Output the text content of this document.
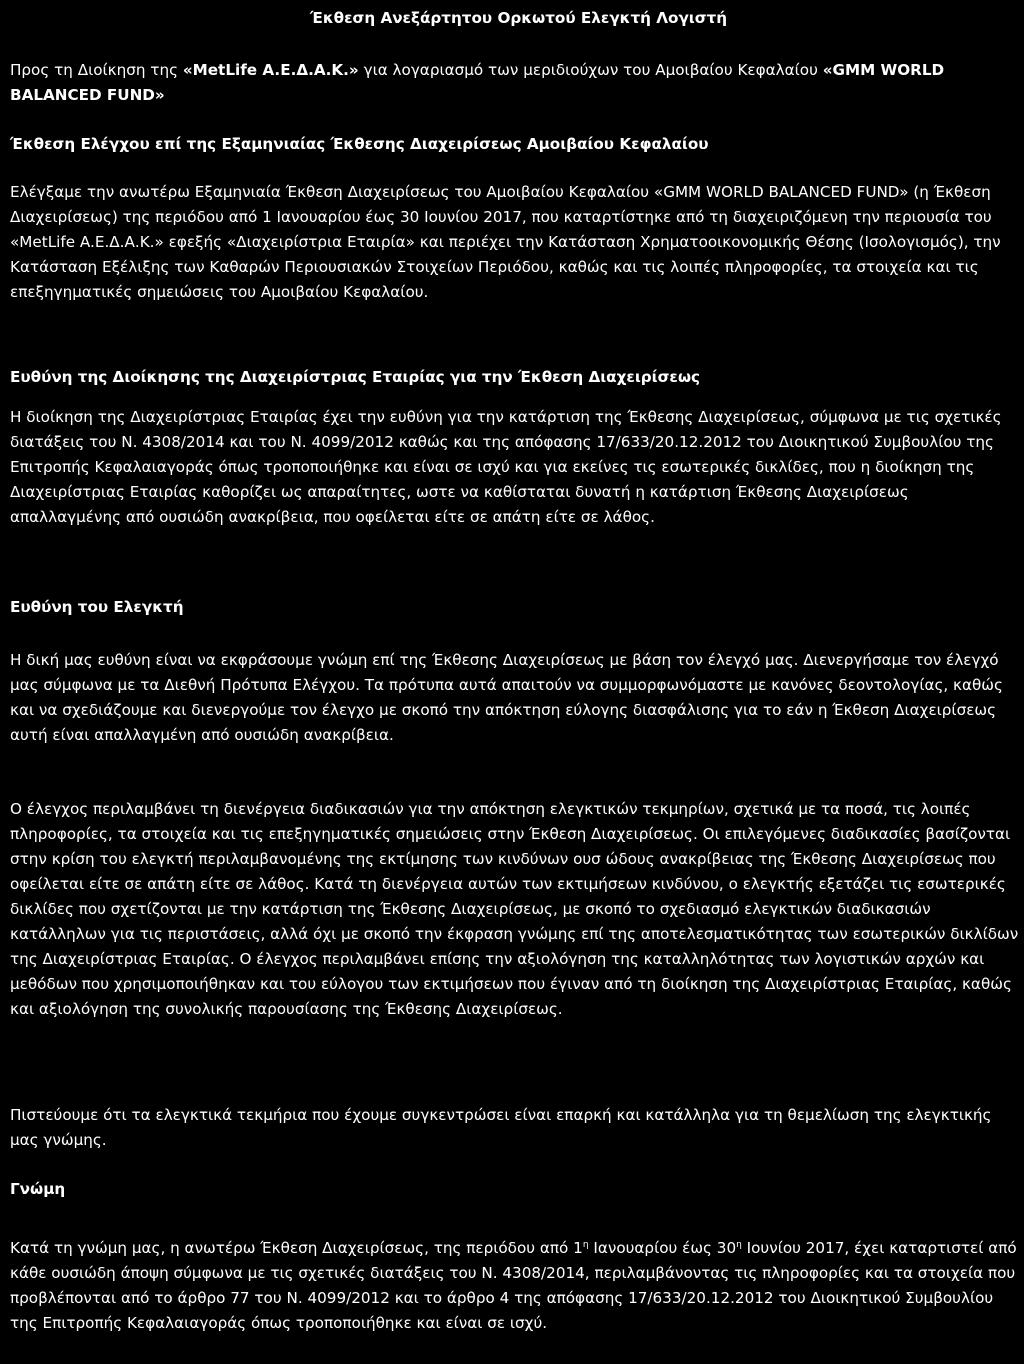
Έκθεση Ανεξάρτητου Ορκωτού Ελεγκτή Λογιστή

Προς τη Διοίκηση της «MetLife A.E.Δ.Α.Κ.» για λογαριασμό των μεριδιούχων του Αμοιβαίου Κεφαλαίου «GMM WORLD BALANCED FUND»

Έκθεση Ελέγχου επί της Εξαμηνιαίας Έκθεσης Διαχειρίσεως Αμοιβαίου Κεφαλαίου

Ελέγξαμε την ανωτέρω Εξαμηνιαία Έκθεση Διαχειρίσεως του Αμοιβαίου Κεφαλαίου «GMM WORLD BALANCED FUND» (η Έκθεση Διαχειρίσεως) της περιόδου από 1 Ιανουαρίου έως 30 Ιουνίου 2017, που καταρτίστηκε από τη διαχειριζόμενη την περιουσία του «MetLife A.E.Δ.Α.Κ.» εφεξής «Διαχειρίστρια Εταιρία» και περιέχει την Κατάσταση Χρηματοοικονομικής Θέσης (Ισολογισμός), την Κατάσταση Εξέλιξης των Καθαρών Περιουσιακών Στοιχείων Περιόδου, καθώς και τις λοιπές πληροφορίες, τα στοιχεία και τις επεξηγηματικές σημειώσεις του Αμοιβαίου Κεφαλαίου.

Ευθύνη της Διοίκησης της Διαχειρίστριας Εταιρίας για την Έκθεση Διαχειρίσεως

Η διοίκηση της Διαχειρίστριας Εταιρίας έχει την ευθύνη για την κατάρτιση της Έκθεσης Διαχειρίσεως, σύμφωνα με τις σχετικές διατάξεις του Ν. 4308/2014 και του Ν. 4099/2012 καθώς και της απόφασης 17/633/20.12.2012 του Διοικητικού Συμβουλίου της Επιτροπής Κεφαλαιαγοράς όπως τροποποιήθηκε και είναι σε ισχύ και για εκείνες τις εσωτερικές δικλίδες, που η διοίκηση της Διαχειρίστριας Εταιρίας καθορίζει ως απαραίτητες, ωστε να καθίσταται δυνατή η κατάρτιση Έκθεσης Διαχειρίσεως απαλλαγμένης από ουσιώδη ανακρίβεια, που οφείλεται είτε σε απάτη είτε σε λάθος.

Ευθύνη του Ελεγκτή

Η δική μας ευθύνη είναι να εκφράσουμε γνώμη επί της Έκθεσης Διαχειρίσεως με βάση τον έλεγχό μας. Διενεργήσαμε τον έλεγχό μας σύμφωνα με τα Διεθνή Πρότυπα Ελέγχου. Τα πρότυπα αυτά απαιτούν να συμμορφωνόμαστε με κανόνες δεοντολογίας, καθώς και να σχεδιάζουμε και διενεργούμε τον έλεγχο με σκοπό την απόκτηση εύλογης διασφάλισης για το εάν η Έκθεση Διαχειρίσεως αυτή είναι απαλλαγμένη από ουσιώδη ανακρίβεια.

Ο έλεγχος περιλαμβάνει τη διενέργεια διαδικασιών για την απόκτηση ελεγκτικών τεκμηρίων, σχετικά με τα ποσά, τις λοιπές πληροφορίες, τα στοιχεία και τις επεξηγηματικές σημειώσεις στην Έκθεση Διαχειρίσεως. Οι επιλεγόμενες διαδικασίες βασίζονται στην κρίση του ελεγκτή περιλαμβανομένης της εκτίμησης των κινδύνων ουσ ώδους ανακρίβειας της Έκθεσης Διαχειρίσεως που οφείλεται είτε σε απάτη είτε σε λάθος. Κατά τη διενέργεια αυτών των εκτιμήσεων κινδύνου, ο ελεγκτής εξετάζει τις εσωτερικές δικλίδες που σχετίζονται με την κατάρτιση της Έκθεσης Διαχειρίσεως, με σκοπό το σχεδιασμό ελεγκτικών διαδικασιών κατάλληλων για τις περιστάσεις, αλλά όχι με σκοπό την έκφραση γνώμης επί της αποτελεσματικότητας των εσωτερικών δικλίδων της Διαχειρίστριας Εταιρίας. Ο έλεγχος περιλαμβάνει επίσης την αξιολόγηση της καταλληλότητας των λογιστικών αρχών και μεθόδων που χρησιμοποιήθηκαν και του εύλογου των εκτιμήσεων που έγιναν από τη διοίκηση της Διαχειρίστριας Εταιρίας, καθώς και αξιολόγηση της συνολικής παρουσίασης της Έκθεσης Διαχειρίσεως.

Πιστεύουμε ότι τα ελεγκτικά τεκμήρια που έχουμε συγκεντρώσει είναι επαρκή και κατάλληλα για τη θεμελίωση της ελεγκτικής μας γνώμης.

Γνώμη

Κατά τη γνώμη μας, η ανωτέρω Έκθεση Διαχειρίσεως, της περιόδου από $1^\eta$ Ιανουαρίου έως $30^\eta$ Ιουνίου 2017, έχει καταρτιστεί από κάθε ουσιώδη άποψη σύμφωνα με τις σχετικές διατάξεις του Ν. 4308/2014, περιλαμβάνοντας τις πληροφορίες και τα στοιχεία που προβλέπονται από το άρθρο 77 του Ν. 4099/2012 και το άρθρο 4 της απόφασης 17/633/20.12.2012 του Διοικητικού Συμβουλίου της Επιτροπής Κεφαλαιαγοράς όπως τροποποιήθηκε και είναι σε ισχύ.
